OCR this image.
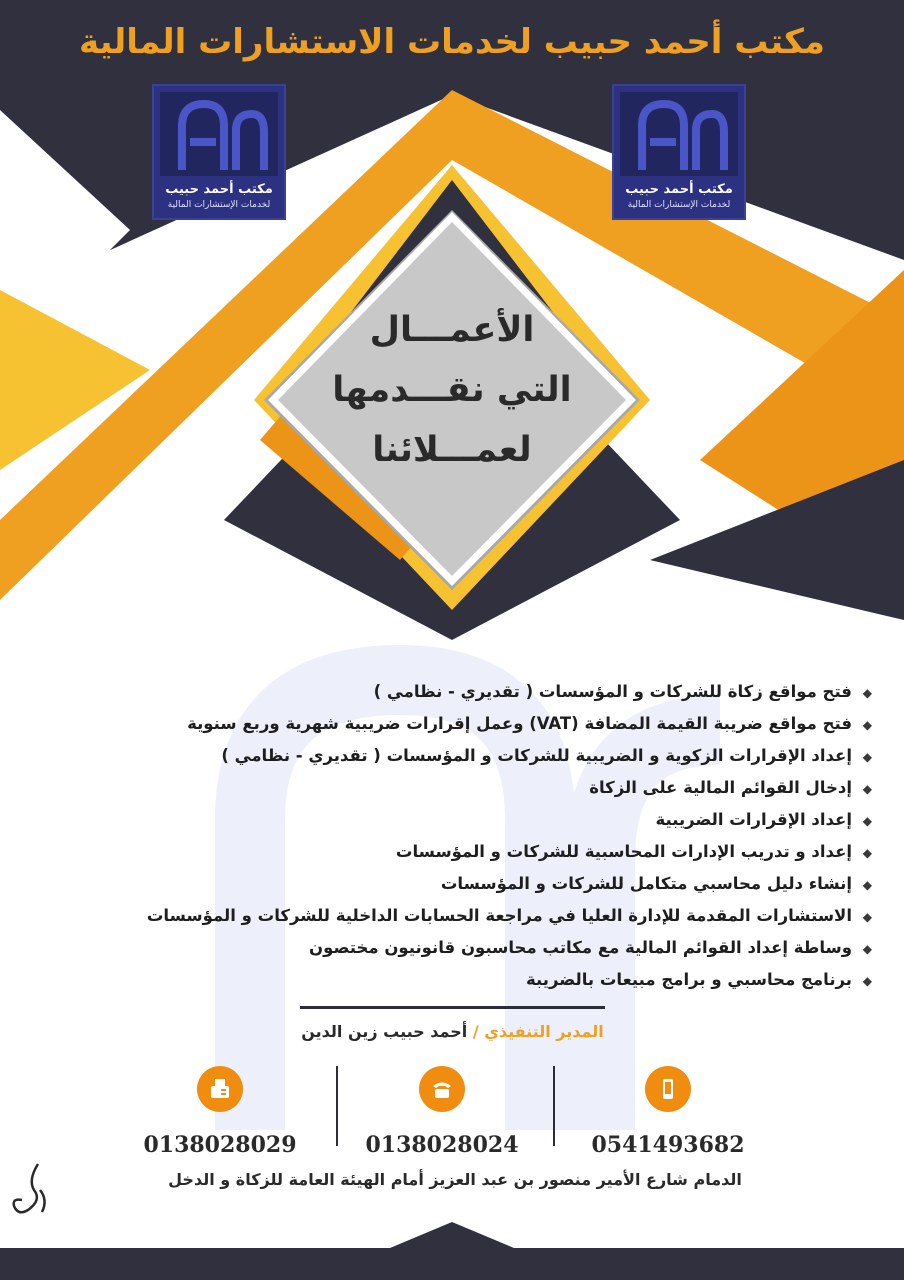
مكتب أحمد حبيب لخدمات الاستشارات المالية
مكتب أحمد حبيب
لخدمات الإستشارات المالية
مكتب أحمد حبيب
لخدمات الإستشارات المالية
الأعمـــال
التي نقـــدمها
لعمـــلائنا
◆فتح مواقع زكاة للشركات و المؤسسات ( تقديري - نظامي )
◆فتح مواقع ضريبة القيمة المضافة (VAT) وعمل إقرارات ضريبية شهرية وربع سنوية
◆إعداد الإقرارات الزكوية و الضريبية للشركات و المؤسسات ( تقديري - نظامي )
◆إدخال القوائم المالية على الزكاة
◆إعداد الإقرارات الضريبية
◆إعداد و تدريب الإدارات المحاسبية للشركات و المؤسسات
◆إنشاء دليل محاسبي متكامل للشركات و المؤسسات
◆الاستشارات المقدمة للإدارة العليا في مراجعة الحسابات الداخلية للشركات و المؤسسات
◆وساطة إعداد القوائم المالية مع مكاتب محاسبون قانونيون مختصون
◆برنامج محاسبي و برامج مبيعات بالضريبة
المدير التنفيذي / أحمد حبيب زين الدين
0541493682
0138028024
0138028029
الدمام شارع الأمير منصور بن عبد العزيز أمام الهيئة العامة للزكاة و الدخل
